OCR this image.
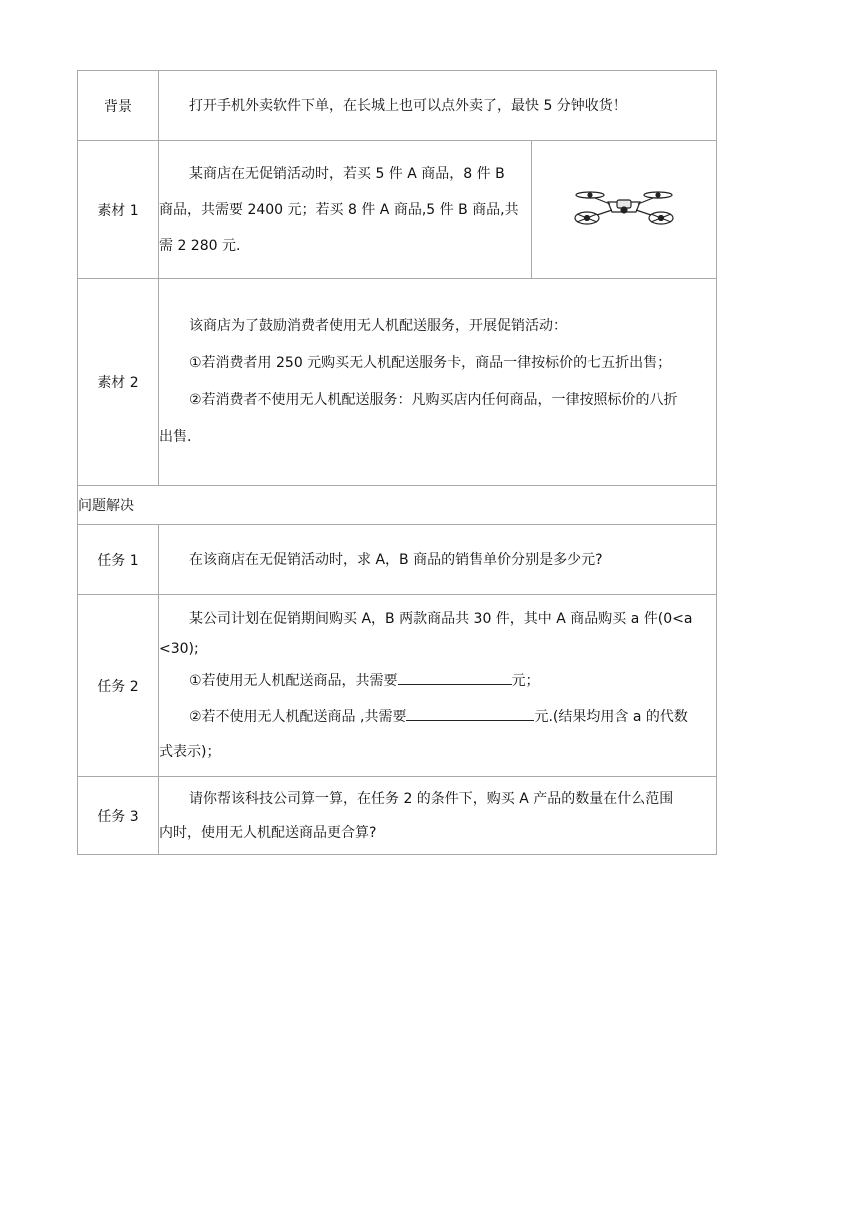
背景	打开手机外卖软件下单，在长城上也可以点外卖了，最快 5 分钟收货！	

素材 1	某商店在无促销活动时，若买 5 件 A 商品，8 件 B
商品，共需要 2400 元；若买 8 件 A 商品,5 件 B 商品,共
需 2 280 元.

素材 2	该商店为了鼓励消费者使用无人机配送服务，开展促销活动：
①若消费者用 250 元购买无人机配送服务卡，商品一律按标价的七五折出售；
②若消费者不使用无人机配送服务：凡购买店内任何商品，一律按照标价的八折
出售.	

问题解决		
任务 1	在该商店在无促销活动时，求 A，B 商品的销售单价分别是多少元?	

任务 2	某公司计划在促销期间购买 A，B 两款商品共 30 件，其中 A 商品购买 a 件(0<a
<30);
①若使用无人机配送商品，共需要 元；
②若不使用无人机配送商品 ,共需要 元.(结果均用含 a 的代数
式表示)；	

任务 3	请你帮该科技公司算一算，在任务 2 的条件下，购买 A 产品的数量在什么范围
内时，使用无人机配送商品更合算?	
